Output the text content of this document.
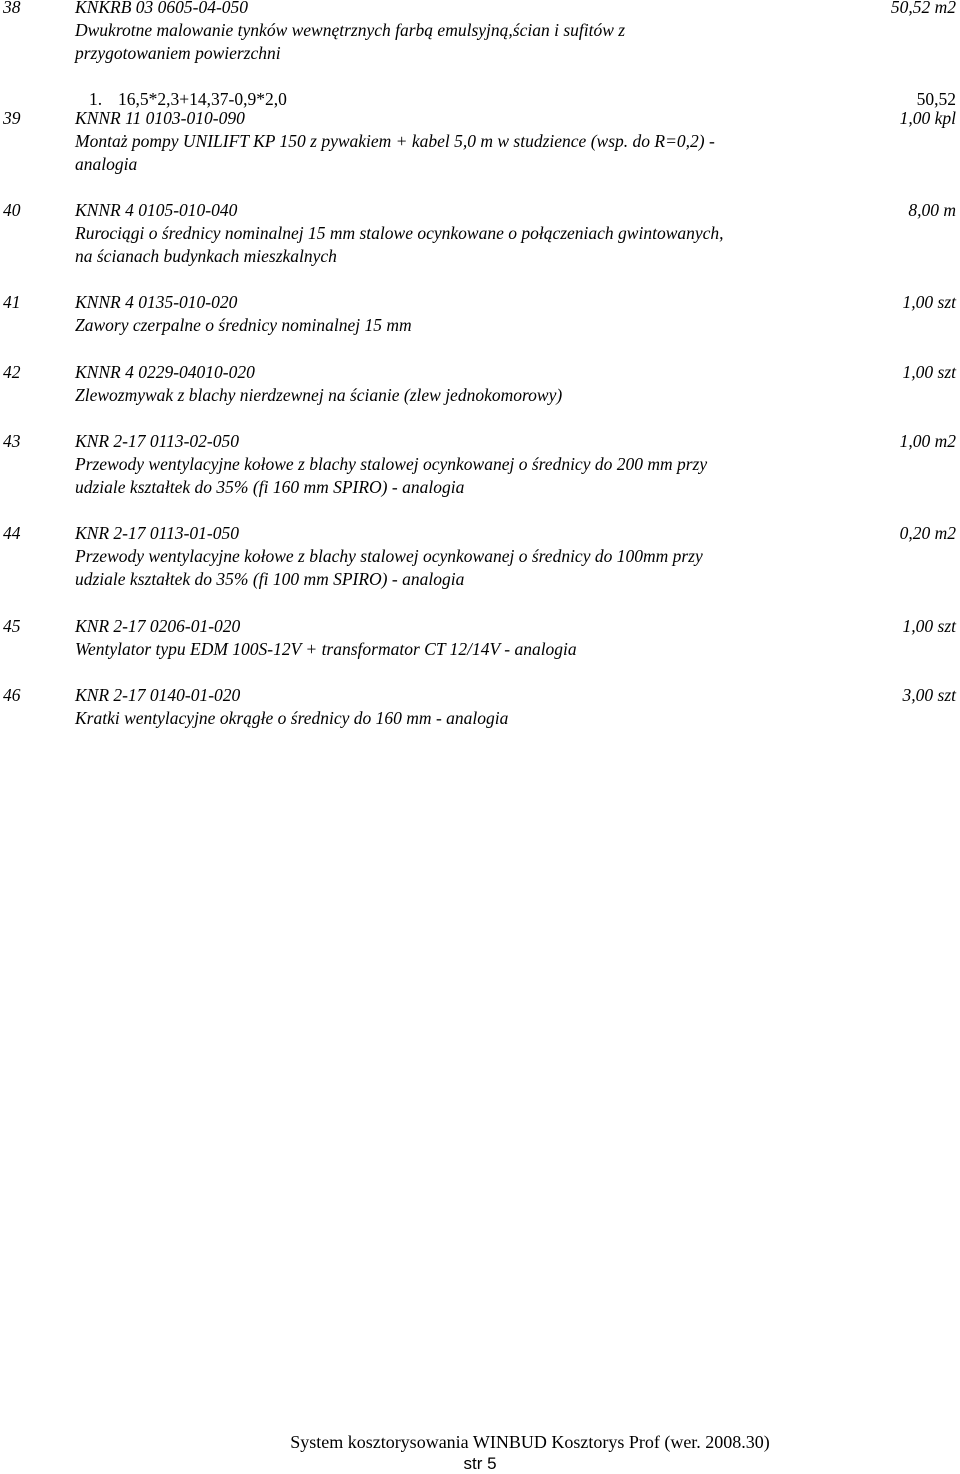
38	KNKRB 03 0605-04-050	50,52 m2
Dwukrotne malowanie tynków wewnętrznych farbą emulsyjną,ścian i sufitów z
przygotowaniem powierzchni
1. 16,5*2,3+14,37-0,9*2,0	50,52
39	KNNR 11 0103-010-090	1,00 kpl
Montaż pompy UNILIFT KP 150 z pywakiem + kabel 5,0 m w studzience (wsp. do R=0,2) -
analogia
40	KNNR 4 0105-010-040	8,00 m
Rurociągi o średnicy nominalnej 15 mm stalowe ocynkowane o połączeniach gwintowanych,
na ścianach budynkach mieszkalnych
41	KNNR 4 0135-010-020	1,00 szt
Zawory czerpalne o średnicy nominalnej 15 mm
42	KNNR 4 0229-04010-020	1,00 szt
Zlewozmywak z blachy nierdzewnej na ścianie (zlew jednokomorowy)
43	KNR 2-17 0113-02-050	1,00 m2
Przewody wentylacyjne kołowe z blachy stalowej ocynkowanej o średnicy do 200 mm przy
udziale kształtek do 35% (fi 160 mm SPIRO) - analogia
44	KNR 2-17 0113-01-050	0,20 m2
Przewody wentylacyjne kołowe z blachy stalowej ocynkowanej o średnicy do 100mm przy
udziale kształtek do 35% (fi 100 mm SPIRO) - analogia
45	KNR 2-17 0206-01-020	1,00 szt
Wentylator typu EDM 100S-12V + transformator CT 12/14V - analogia
46	KNR 2-17 0140-01-020	3,00 szt
Kratki wentylacyjne okrągłe o średnicy do 160 mm - analogia
System kosztorysowania WINBUD Kosztorys Prof (wer. 2008.30)
str 5
